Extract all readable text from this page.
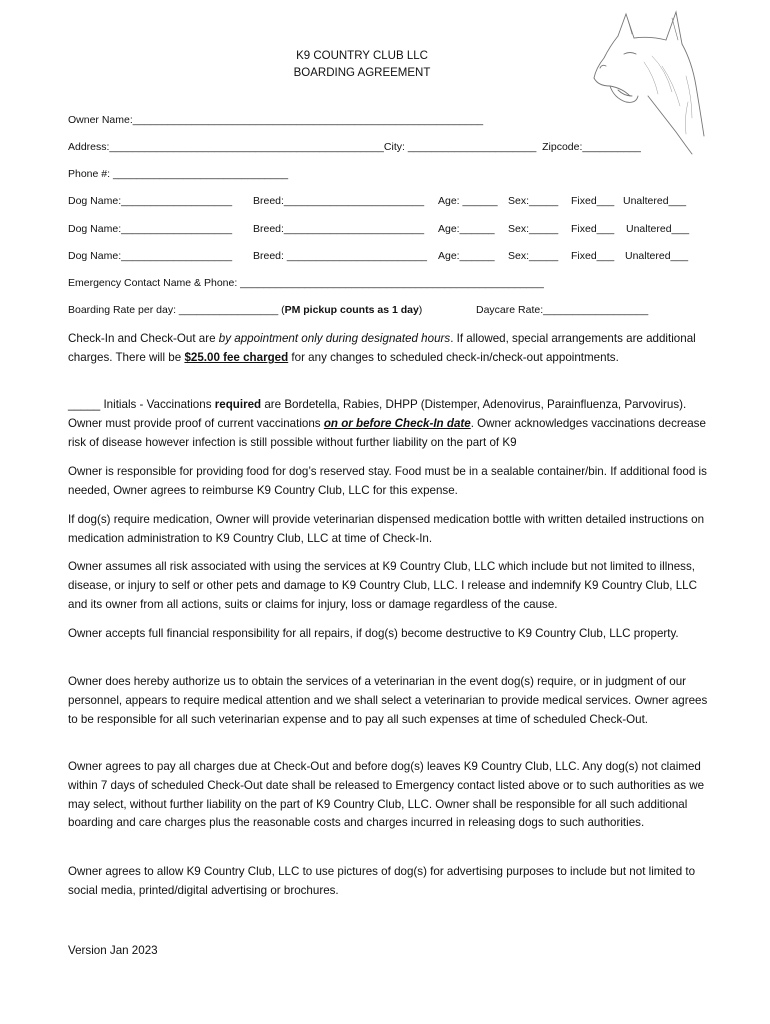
K9 COUNTRY CLUB LLC
BOARDING AGREEMENT
Owner Name:____________________________________________________________
Address:_______________________________________________City: ______________________  Zipcode:__________
Phone #: ______________________________
Dog Name:___________________ Breed:________________________ Age: ______ Sex:_____ Fixed___ Unaltered___
Dog Name:___________________ Breed:________________________ Age:______ Sex:_____ Fixed___ Unaltered___
Dog Name:___________________ Breed: ________________________ Age:______ Sex:_____ Fixed___ Unaltered___
Emergency Contact Name & Phone: ____________________________________________________
Boarding Rate per day: _________________ (PM pickup counts as 1 day)	Daycare Rate:__________________

Check-In and Check-Out are by appointment only during designated hours. If allowed, special arrangements are additional charges. There will be $25.00 fee charged for any changes to scheduled check-in/check-out appointments.

_____ Initials - Vaccinations required are Bordetella, Rabies, DHPP (Distemper, Adenovirus, Parainfluenza, Parvovirus). Owner must provide proof of current vaccinations on or before Check-In date. Owner acknowledges vaccinations decrease risk of disease however infection is still possible without further liability on the part of K9

Owner is responsible for providing food for dog’s reserved stay. Food must be in a sealable container/bin. If additional food is needed, Owner agrees to reimburse K9 Country Club, LLC for this expense.
If dog(s) require medication, Owner will provide veterinarian dispensed medication bottle with written detailed instructions on medication administration to K9 Country Club, LLC at time of Check-In.
Owner assumes all risk associated with using the services at K9 Country Club, LLC which include but not limited to illness, disease, or injury to self or other pets and damage to K9 Country Club, LLC. I release and indemnify K9 Country Club, LLC and its owner from all actions, suits or claims for injury, loss or damage regardless of the cause.
Owner accepts full financial responsibility for all repairs, if dog(s) become destructive to K9 Country Club, LLC property.
Owner does hereby authorize us to obtain the services of a veterinarian in the event dog(s) require, or in judgment of our personnel, appears to require medical attention and we shall select a veterinarian to provide medical services. Owner agrees to be responsible for all such veterinarian expense and to pay all such expenses at time of scheduled Check-Out.
Owner agrees to pay all charges due at Check-Out and before dog(s) leaves K9 Country Club, LLC. Any dog(s) not claimed within 7 days of scheduled Check-Out date shall be released to Emergency contact listed above or to such authorities as we may select, without further liability on the part of K9 Country Club, LLC. Owner shall be responsible for all such additional boarding and care charges plus the reasonable costs and charges incurred in releasing dogs to such authorities.
Owner agrees to allow K9 Country Club, LLC to use pictures of dog(s) for advertising purposes to include but not limited to social media, printed/digital advertising or brochures.
Version Jan 2023
